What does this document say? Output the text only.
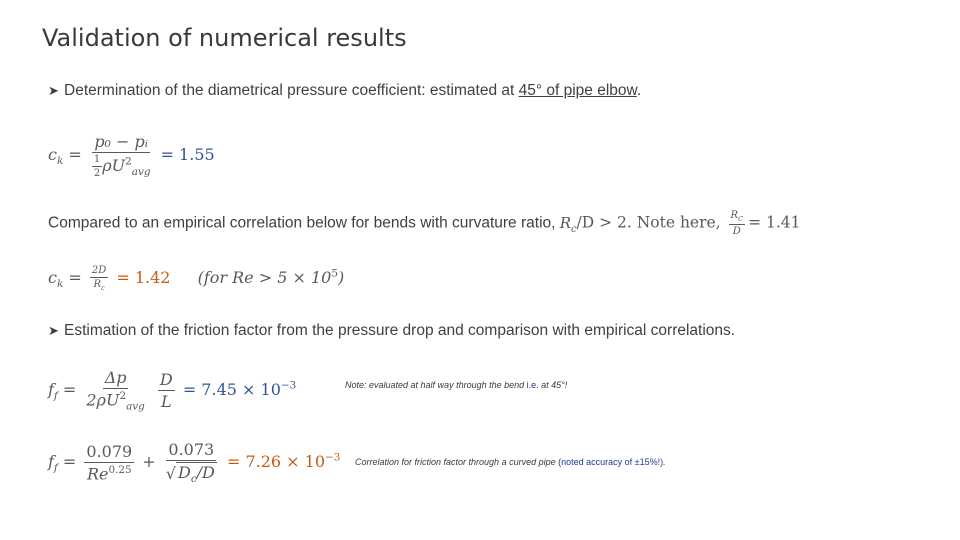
Validation of numerical results
➤ Determination of the diametrical pressure coefficient: estimated at 45° of pipe elbow.
$c_k = \frac{\text{p₀ − pᵢ}}{\frac{1}{2} \rho U^2_{avg}} = 1.55$
Compared to an empirical correlation below for bends with curvature ratio, $R_c/D > 2$. Note here, $\frac{R_C}{D} = 1.41$
$c_k = \frac{2D}{R_c} = 1.42$ (for $Re > 5 \times 10^5$)
➤ Estimation of the friction factor from the pressure drop and comparison with empirical correlations.
$f_f = \frac{\Delta p}{2\rho U^2_{avg}}$
$\frac{D}{L} = 7.45 \times 10^{-3}$	Note: evaluated at half way through the bend i.e. at 45°!
$f_f = \frac{0.079}{Re^{0.25}} + \frac{0.073}{√ D_c/D} = 7.26 \times 10^{-3}$ Correlation for friction factor through a curved pipe (noted accuracy of ±15%!).
